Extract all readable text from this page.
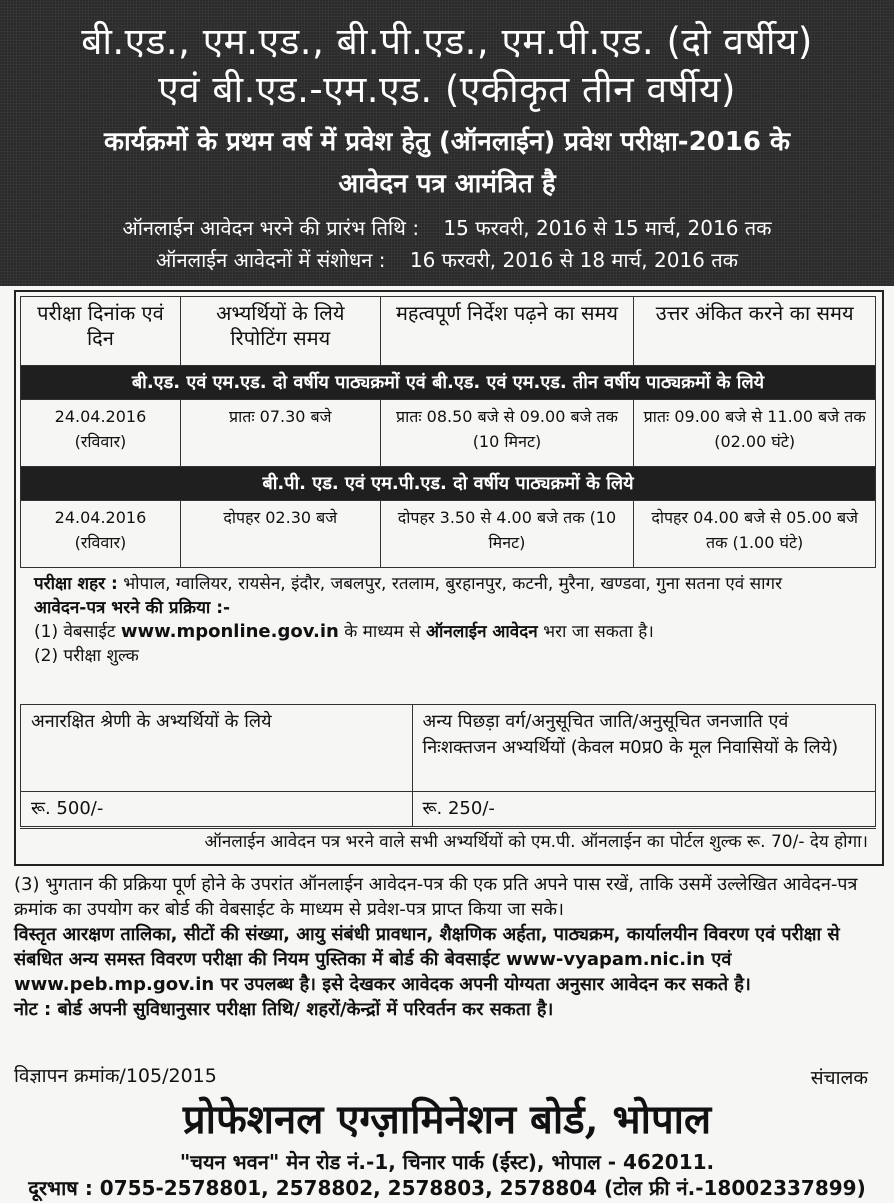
बी.एड., एम.एड., बी.पी.एड., एम.पी.एड. (दो वर्षीय)
एवं बी.एड.-एम.एड. (एकीकृत तीन वर्षीय)
कार्यक्रमों के प्रथम वर्ष में प्रवेश हेतु (ऑनलाईन) प्रवेश परीक्षा-2016 के
आवेदन पत्र आमंत्रित है
ऑनलाईन आवेदन भरने की प्रारंभ तिथि : 15 फरवरी, 2016 से 15 मार्च, 2016 तक
ऑनलाईन आवेदनों में संशोधन : 16 फरवरी, 2016 से 18 मार्च, 2016 तक
परीक्षा दिनांक एवं दिन	अभ्यर्थियों के लिये रिपोटिंग समय	महत्वपूर्ण निर्देश पढ़ने का समय	उत्तर अंकित करने का समय
बी.एड. एवं एम.एड. दो वर्षीय पाठ्यक्रमों एवं बी.एड. एवं एम.एड. तीन वर्षीय पाठ्यक्रमों के लिये			
24.04.2016 (रविवार)	प्रातः 07.30 बजे	प्रातः 08.50 बजे से 09.00 बजे तक (10 मिनट)	प्रातः 09.00 बजे से 11.00 बजे तक (02.00 घंटे)
बी.पी. एड. एवं एम.पी.एड. दो वर्षीय पाठ्यक्रमों के लिये			
24.04.2016 (रविवार)	दोपहर 02.30 बजे	दोपहर 3.50 से 4.00 बजे तक (10 मिनट)	दोपहर 04.00 बजे से 05.00 बजे तक (1.00 घंटे)

परीक्षा शहर : भोपाल, ग्वालियर, रायसेन, इंदौर, जबलपुर, रतलाम, बुरहानपुर, कटनी, मुरैना, खण्डवा, गुना सतना एवं सागर

आवेदन-पत्र भरने की प्रक्रिया :-

(1) वेबसाईट www.mponline.gov.in के माध्यम से ऑनलाईन आवेदन भरा जा सकता है।

(2) परीक्षा शुल्क

अनारक्षित श्रेणी के अभ्यर्थियों के लिये	अन्य पिछड़ा वर्ग/अनुसूचित जाति/अनुसूचित जनजाति एवं निःशक्तजन अभ्यर्थियों (केवल म0प्र0 के मूल निवासियों के लिये)
रू. 500/-	रू. 250/-
ऑनलाईन आवेदन पत्र भरने वाले सभी अभ्यर्थियों को एम.पी. ऑनलाईन का पोर्टल शुल्क रू. 70/- देय होगा।

(3) भुगतान की प्रक्रिया पूर्ण होने के उपरांत ऑनलाईन आवेदन-पत्र की एक प्रति अपने पास रखें, ताकि उसमें उल्लेखित आवेदन-पत्र क्रमांक का उपयोग कर बोर्ड की वेबसाईट के माध्यम से प्रवेश-पत्र प्राप्त किया जा सके।

विस्तृत आरक्षण तालिका, सीटों की संख्या, आयु संबंधी प्रावधान, शैक्षणिक अर्हता, पाठ्यक्रम, कार्यालयीन विवरण एवं परीक्षा से संबधित अन्य समस्त विवरण परीक्षा की नियम पुस्तिका में बोर्ड की बेवसाईट www-vyapam.nic.in एवं www.peb.mp.gov.in पर उपलब्ध है। इसे देखकर आवेदक अपनी योग्यता अनुसार आवेदन कर सकते है।

नोट : बोर्ड अपनी सुविधानुसार परीक्षा तिथि/ शहरों/केन्द्रों में परिवर्तन कर सकता है।

विज्ञापन क्रमांक/105/2015	संचालक
प्रोफेशनल एग्ज़ामिनेशन बोर्ड, भोपाल
"चयन भवन" मेन रोड नं.-1, चिनार पार्क (ईस्ट), भोपाल - 462011.
दूरभाष : 0755-2578801, 2578802, 2578803, 2578804 (टोल फ्री नं.-18002337899)
